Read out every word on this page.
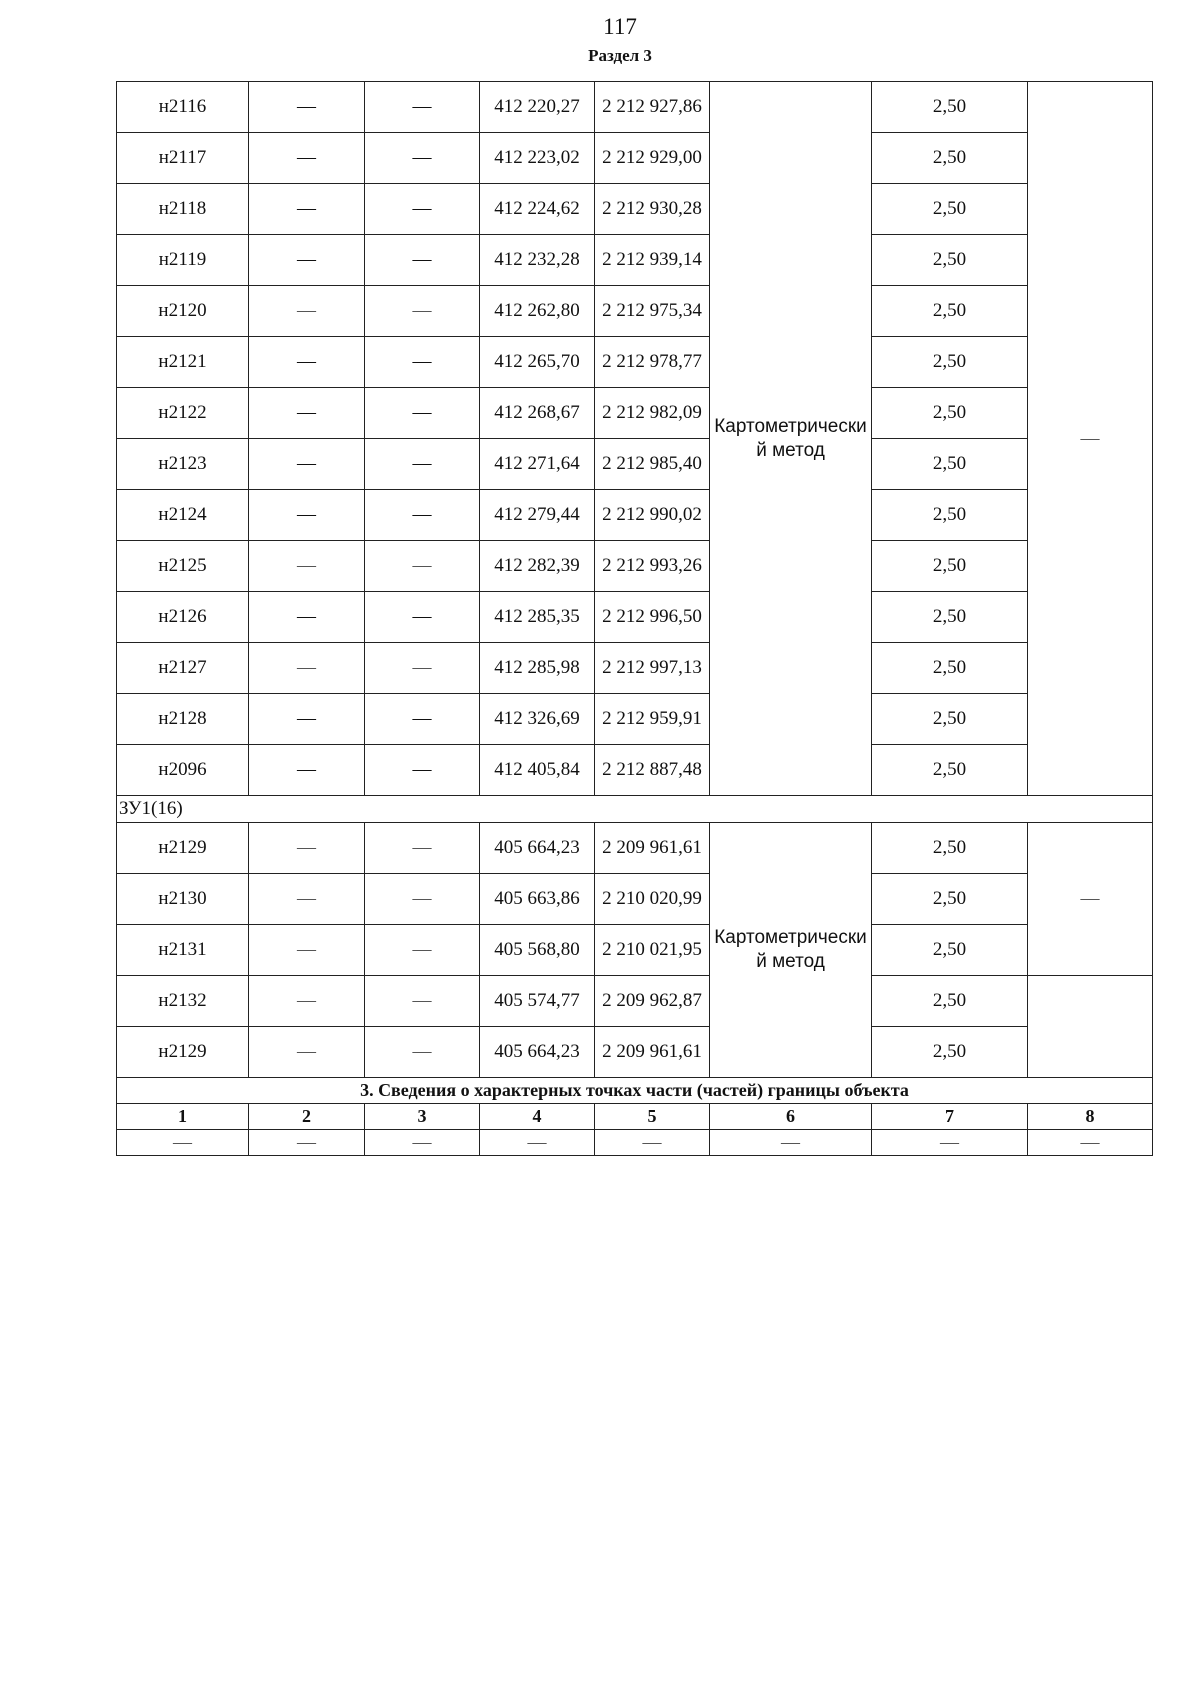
117
Раздел 3
н2116	—	—	412 220,27	2 212 927,86	Картометрически й метод	2,50	—
н2117	—	—	412 223,02	2 212 929,00		2,50	
н2118	—	—	412 224,62	2 212 930,28		2,50	
н2119	—	—	412 232,28	2 212 939,14		2,50	
н2120	—	—	412 262,80	2 212 975,34		2,50	
н2121	—	—	412 265,70	2 212 978,77		2,50	
н2122	—	—	412 268,67	2 212 982,09		2,50	
н2123	—	—	412 271,64	2 212 985,40		2,50	
н2124	—	—	412 279,44	2 212 990,02		2,50	
н2125	—	—	412 282,39	2 212 993,26		2,50	
н2126	—	—	412 285,35	2 212 996,50		2,50	
н2127	—	—	412 285,98	2 212 997,13		2,50	
н2128	—	—	412 326,69	2 212 959,91		2,50	
н2096	—	—	412 405,84	2 212 887,48		2,50	
ЗУ1(16)							
н2129	—	—	405 664,23	2 209 961,61	Картометрически й метод	2,50	—
н2130	—	—	405 663,86	2 210 020,99		2,50	
н2131	—	—	405 568,80	2 210 021,95		2,50	
н2132	—	—	405 574,77	2 209 962,87		2,50	
н2129	—	—	405 664,23	2 209 961,61		2,50	
3. Сведения о характерных точках части (частей) границы объекта							
1	2	3	4	5	6	7	8
—	—	—	—	—	—	—	—
